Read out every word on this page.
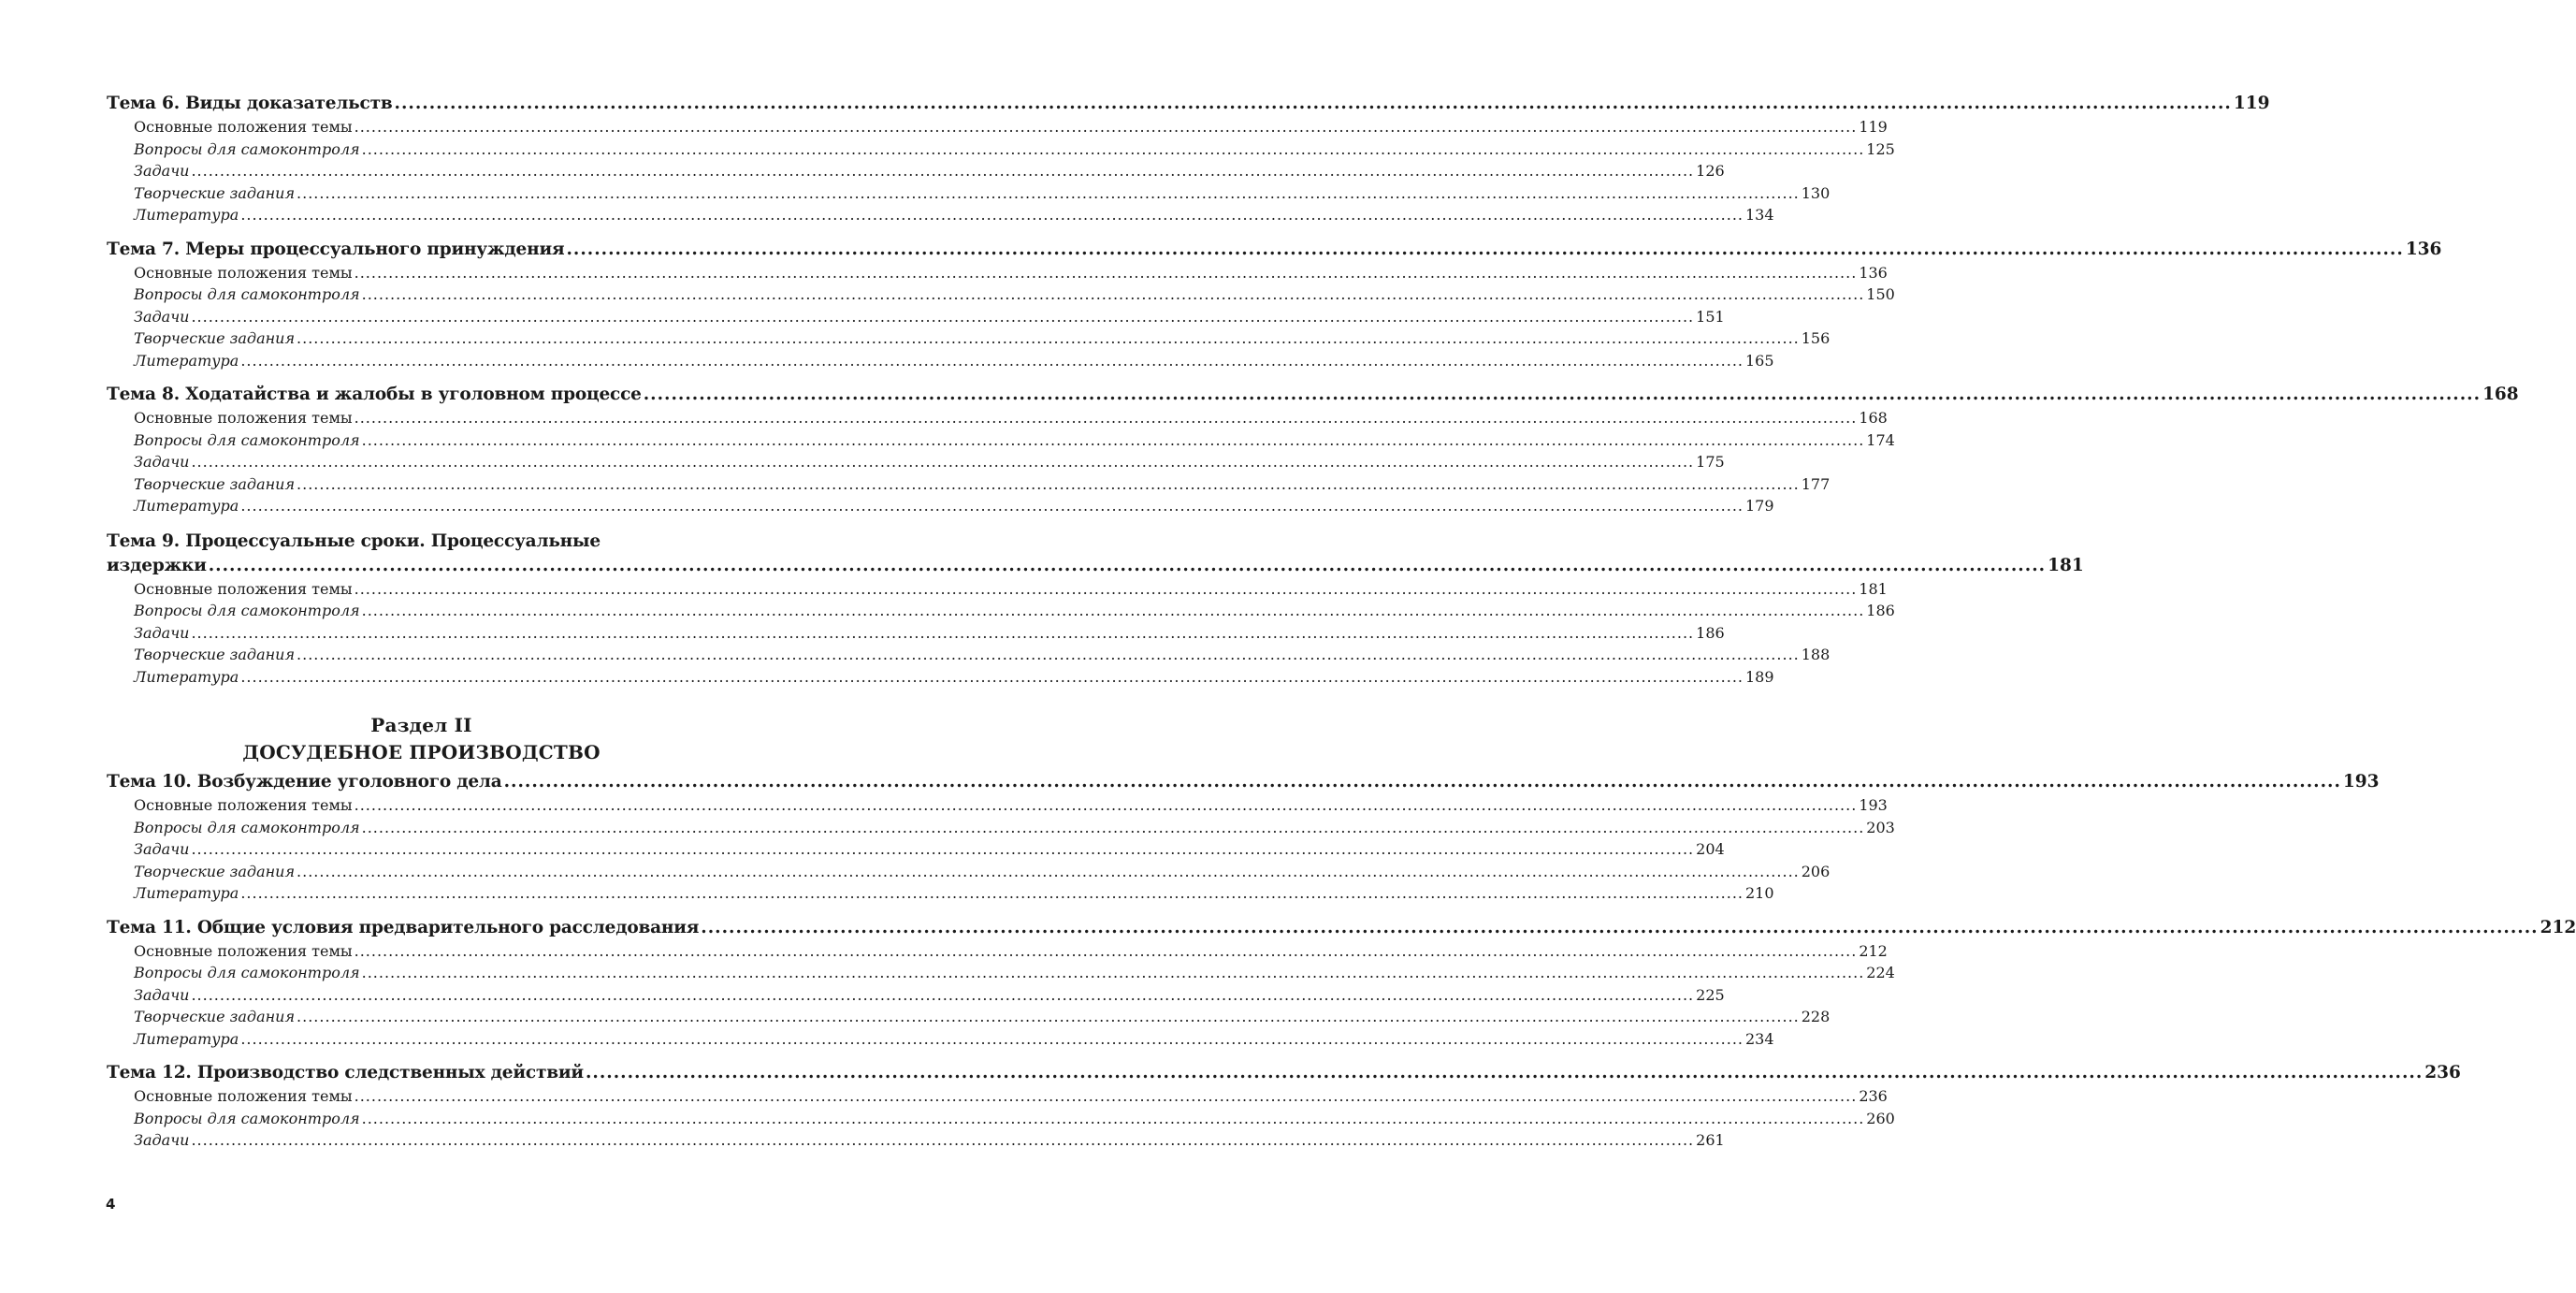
Тема 6. Виды доказательств .....	119
Основные положения темы .....	119
Вопросы для самоконтроля .....	125
Задачи .....	126
Творческие задания .....	130
Литература .....	134
Тема 7. Меры процессуального принуждения .....	136
Основные положения темы .....	136
Вопросы для самоконтроля .....	150
Задачи .....	151
Творческие задания .....	156
Литература .....	165
Тема 8. Ходатайства и жалобы в уголовном процессе .....	168
Основные положения темы .....	168
Вопросы для самоконтроля .....	174
Задачи .....	175
Творческие задания .....	177
Литература .....	179
Тема 9. Процессуальные сроки. Процессуальные
издержки .....	181
Основные положения темы .....	181
Вопросы для самоконтроля .....	186
Задачи .....	186
Творческие задания .....	188
Литература .....	189
Раздел II
ДОСУДЕБНОЕ ПРОИЗВОДСТВО
Тема 10. Возбуждение уголовного дела .....	193
Основные положения темы .....	193
Вопросы для самоконтроля .....	203
Задачи .....	204
Творческие задания .....	206
Литература .....	210
Тема 11. Общие условия предварительного расследования .....	212
Основные положения темы .....	212
Вопросы для самоконтроля .....	224
Задачи .....	225
Творческие задания .....	228
Литература .....	234
Тема 12. Производство следственных действий .....	236
Основные положения темы .....	236
Вопросы для самоконтроля .....	260
Задачи .....	261
4
